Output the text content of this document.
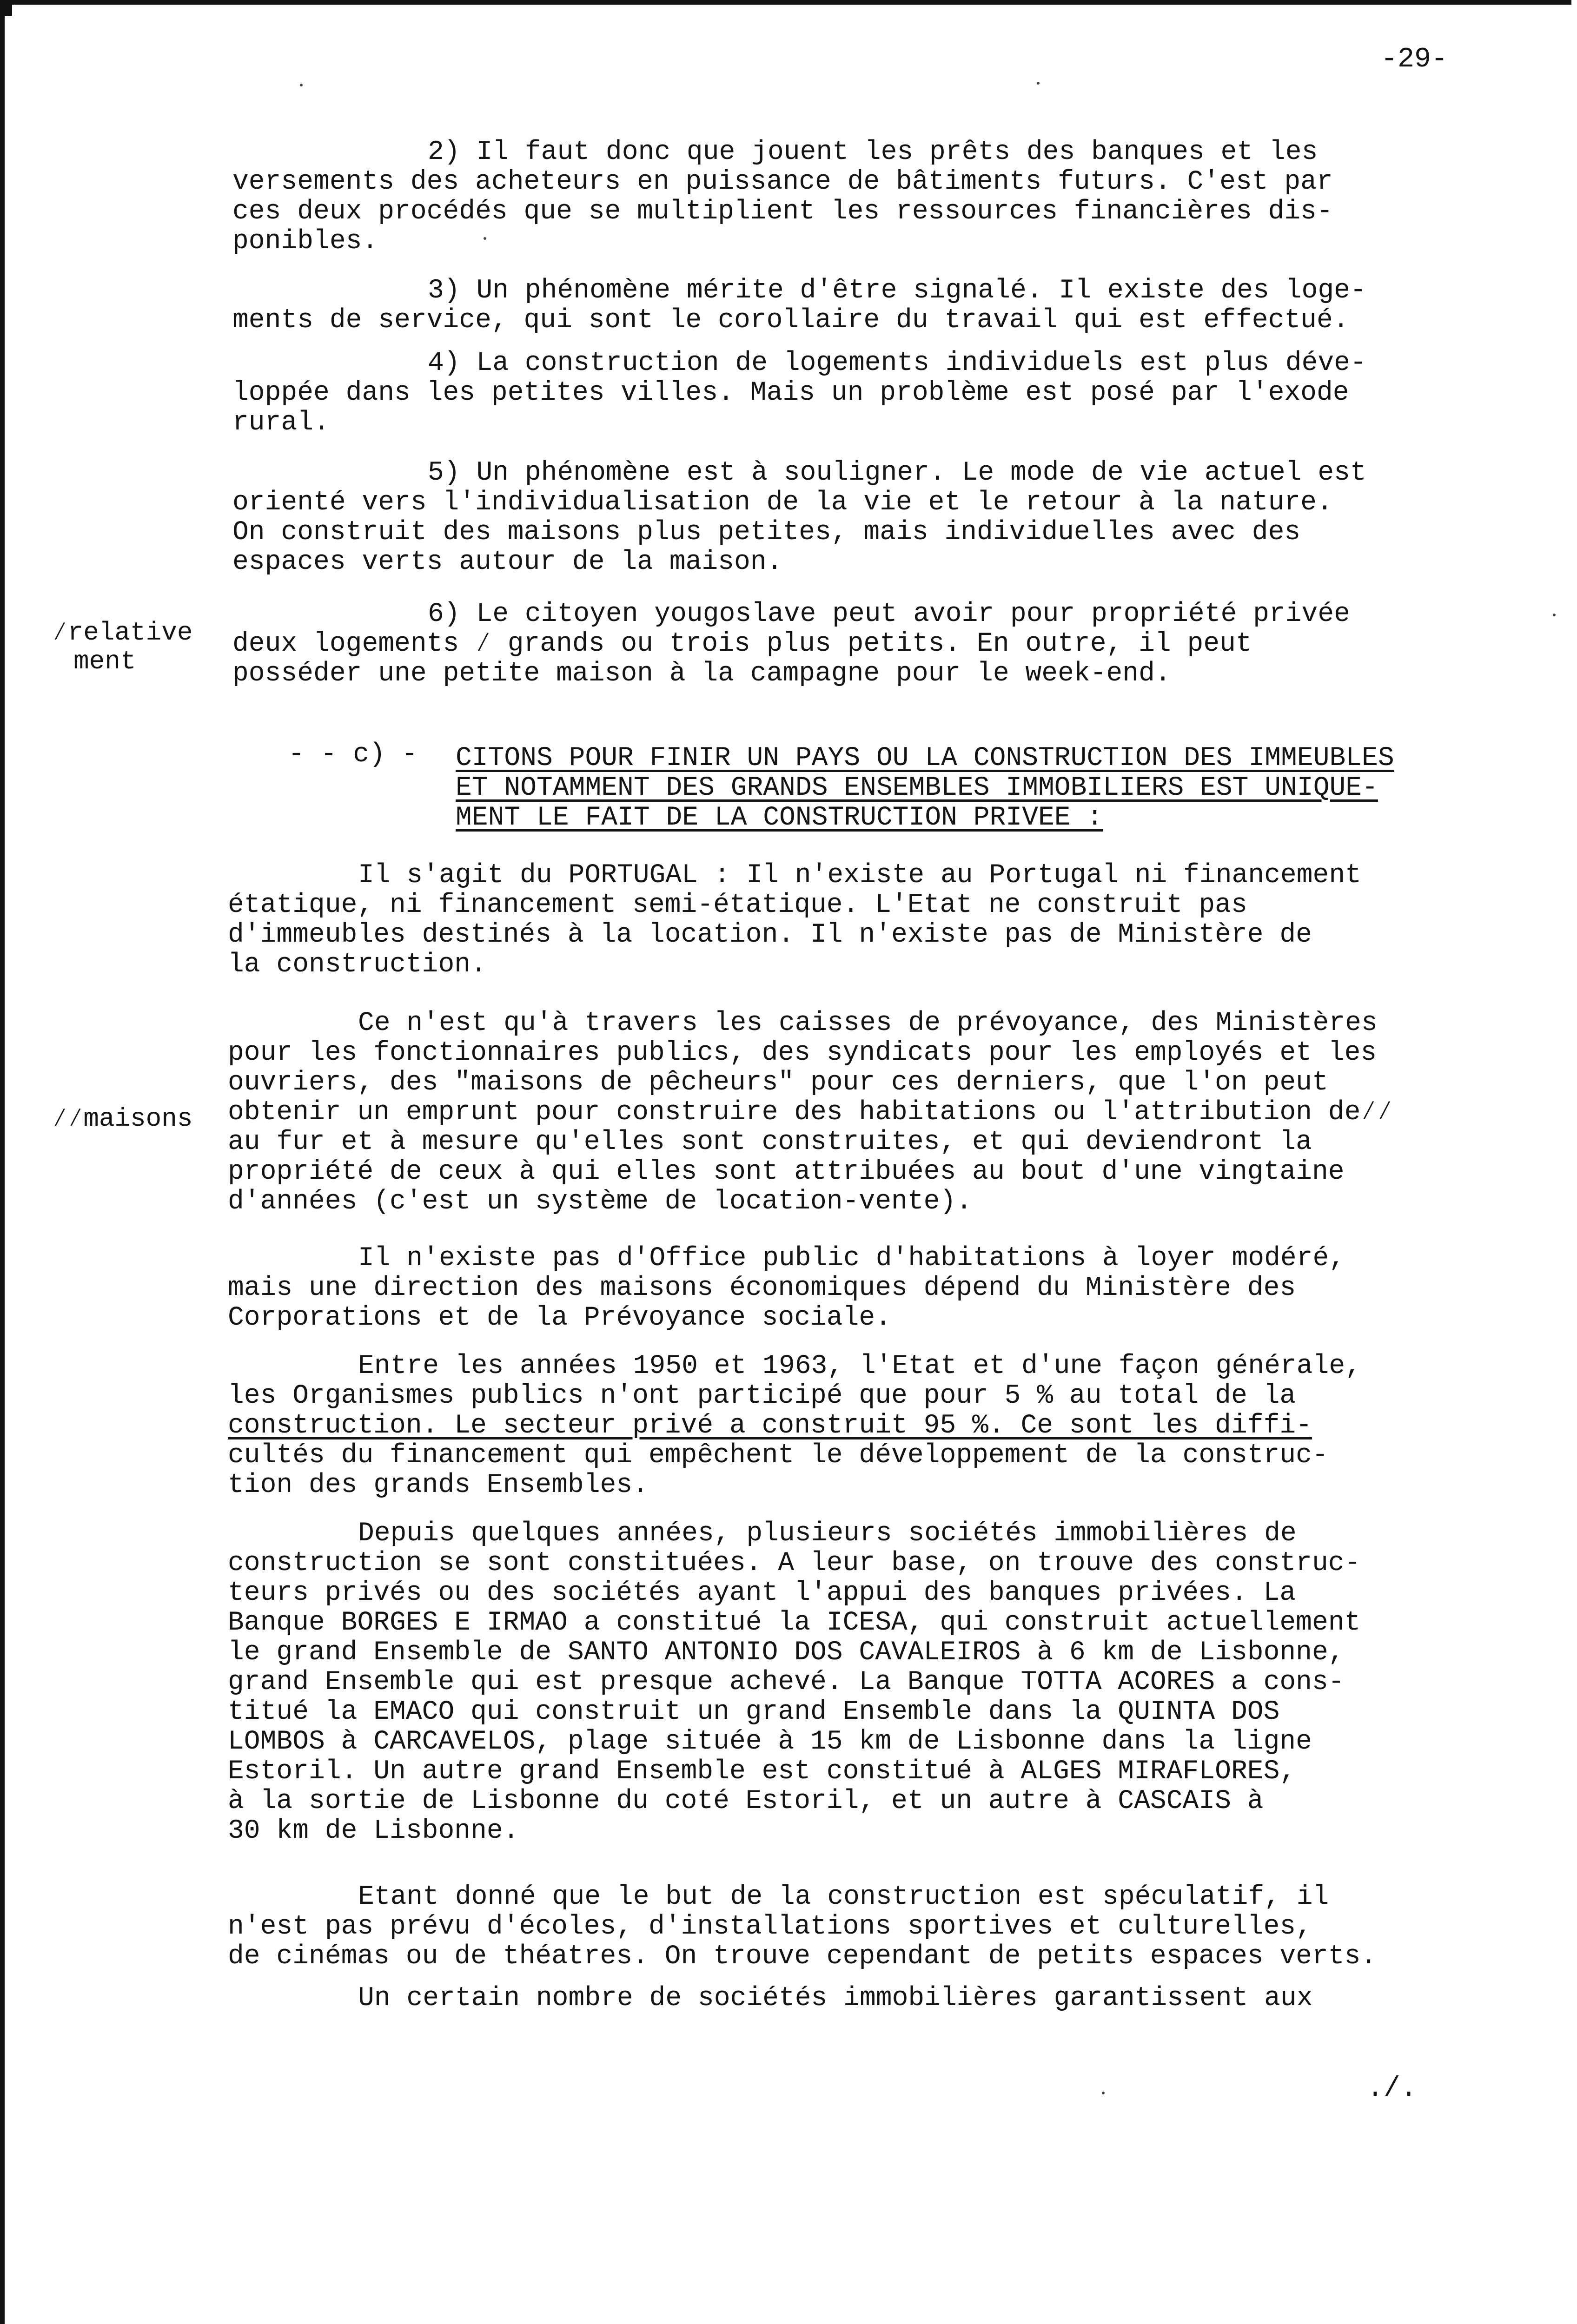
-29-
2) Il faut donc que jouent les prêts des banques et les
versements des acheteurs en puissance de bâtiments futurs. C'est par
ces deux procédés que se multiplient les ressources financières dis-
ponibles.
3) Un phénomène mérite d'être signalé. Il existe des loge-
ments de service, qui sont le corollaire du travail qui est effectué.
4) La construction de logements individuels est plus déve-
loppée dans les petites villes. Mais un problème est posé par l'exode
rural.
5) Un phénomène est à souligner. Le mode de vie actuel est
orienté vers l'individualisation de la vie et le retour à la nature.
On construit des maisons plus petites, mais individuelles avec des
espaces verts autour de la maison.
6) Le citoyen yougoslave peut avoir pour propriété privée
deux logements ⁄ grands ou trois plus petits. En outre, il peut
posséder une petite maison à la campagne pour le week-end.
⁄relative
ment
- - c) - CITONS POUR FINIR UN PAYS OU LA CONSTRUCTION DES IMMEUBLES
ET NOTAMMENT DES GRANDS ENSEMBLES IMMOBILIERS EST UNIQUE-
MENT LE FAIT DE LA CONSTRUCTION PRIVEE :
Il s'agit du PORTUGAL : Il n'existe au Portugal ni financement
étatique, ni financement semi-étatique. L'Etat ne construit pas
d'immeubles destinés à la location. Il n'existe pas de Ministère de
la construction.
Ce n'est qu'à travers les caisses de prévoyance, des Ministères
pour les fonctionnaires publics, des syndicats pour les employés et les
ouvriers, des "maisons de pêcheurs" pour ces derniers, que l'on peut
obtenir un emprunt pour construire des habitations ou l'attribution de⁄⁄
au fur et à mesure qu'elles sont construites, et qui deviendront la
propriété de ceux à qui elles sont attribuées au bout d'une vingtaine
d'années (c'est un système de location-vente).
⁄⁄maisons
Il n'existe pas d'Office public d'habitations à loyer modéré,
mais une direction des maisons économiques dépend du Ministère des
Corporations et de la Prévoyance sociale.
Entre les années 1950 et 1963, l'Etat et d'une façon générale,
les Organismes publics n'ont participé que pour 5 % au total de la
construction. Le secteur privé a construit 95 %. Ce sont les diffi-
cultés du financement qui empêchent le développement de la construc-
tion des grands Ensembles.
Depuis quelques années, plusieurs sociétés immobilières de
construction se sont constituées. A leur base, on trouve des construc-
teurs privés ou des sociétés ayant l'appui des banques privées. La
Banque BORGES E IRMAO a constitué la ICESA, qui construit actuellement
le grand Ensemble de SANTO ANTONIO DOS CAVALEIROS à 6 km de Lisbonne,
grand Ensemble qui est presque achevé. La Banque TOTTA ACORES a cons-
titué la EMACO qui construit un grand Ensemble dans la QUINTA DOS
LOMBOS à CARCAVELOS, plage située à 15 km de Lisbonne dans la ligne
Estoril. Un autre grand Ensemble est constitué à ALGES MIRAFLORES,
à la sortie de Lisbonne du coté Estoril, et un autre à CASCAIS à
30 km de Lisbonne.
Etant donné que le but de la construction est spéculatif, il
n'est pas prévu d'écoles, d'installations sportives et culturelles,
de cinémas ou de théatres. On trouve cependant de petits espaces verts.
Un certain nombre de sociétés immobilières garantissent aux
./.
